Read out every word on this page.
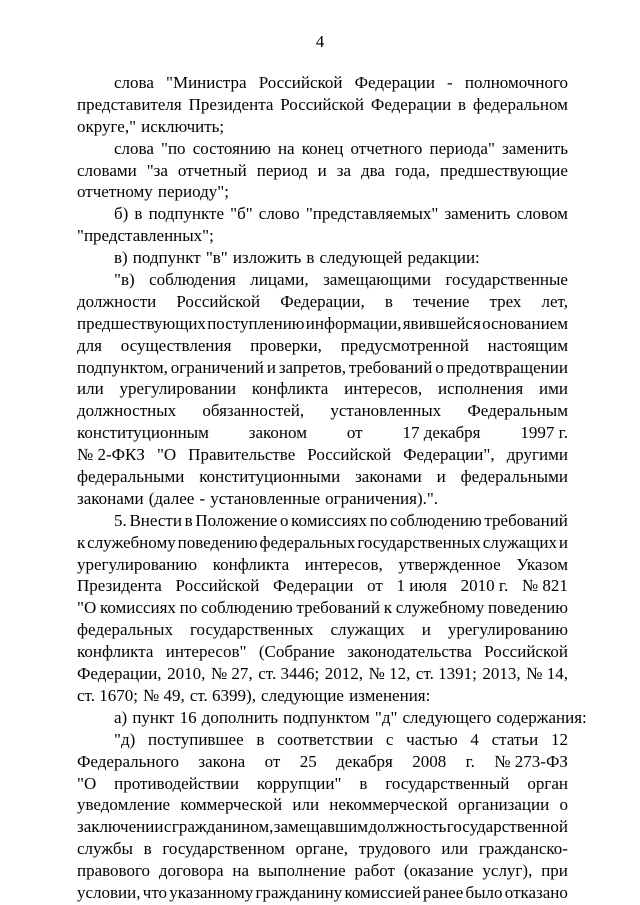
4
слова "Министра Российской Федерации - полномочного
представителя Президента Российской Федерации в федеральном
округе," исключить;
слова "по состоянию на конец отчетного периода" заменить
словами "за отчетный период и за два года, предшествующие
отчетному периоду";
б) в подпункте "б" слово "представляемых" заменить словом
"представленных";
в) подпункт "в" изложить в следующей редакции:
"в) соблюдения лицами, замещающими государственные
должности Российской Федерации, в течение трех лет,
предшествующих поступлению информации, явившейся основанием
для осуществления проверки, предусмотренной настоящим
подпунктом, ограничений и запретов, требований о предотвращении
или урегулировании конфликта интересов, исполнения ими
должностных обязанностей, установленных Федеральным
конституционным законом от 17 декабря 1997 г.
№ 2-ФКЗ "О Правительстве Российской Федерации", другими
федеральными конституционными законами и федеральными
законами (далее - установленные ограничения).".
5. Внести в Положение о комиссиях по соблюдению требований
к служебному поведению федеральных государственных служащих и
урегулированию конфликта интересов, утвержденное Указом
Президента Российской Федерации от 1 июля 2010 г. № 821
"О комиссиях по соблюдению требований к служебному поведению
федеральных государственных служащих и урегулированию
конфликта интересов" (Собрание законодательства Российской
Федерации, 2010, № 27, ст. 3446; 2012, № 12, ст. 1391; 2013, № 14,
ст. 1670; № 49, ст. 6399), следующие изменения:
а) пункт 16 дополнить подпунктом "д" следующего содержания:
"д) поступившее в соответствии с частью 4 статьи 12
Федерального закона от 25 декабря 2008 г. № 273-ФЗ
"О противодействии коррупции" в государственный орган
уведомление коммерческой или некоммерческой организации о
заключении с гражданином, замещавшим должность государственной
службы в государственном органе, трудового или гражданско-
правового договора на выполнение работ (оказание услуг), при
условии, что указанному гражданину комиссией ранее было отказано
